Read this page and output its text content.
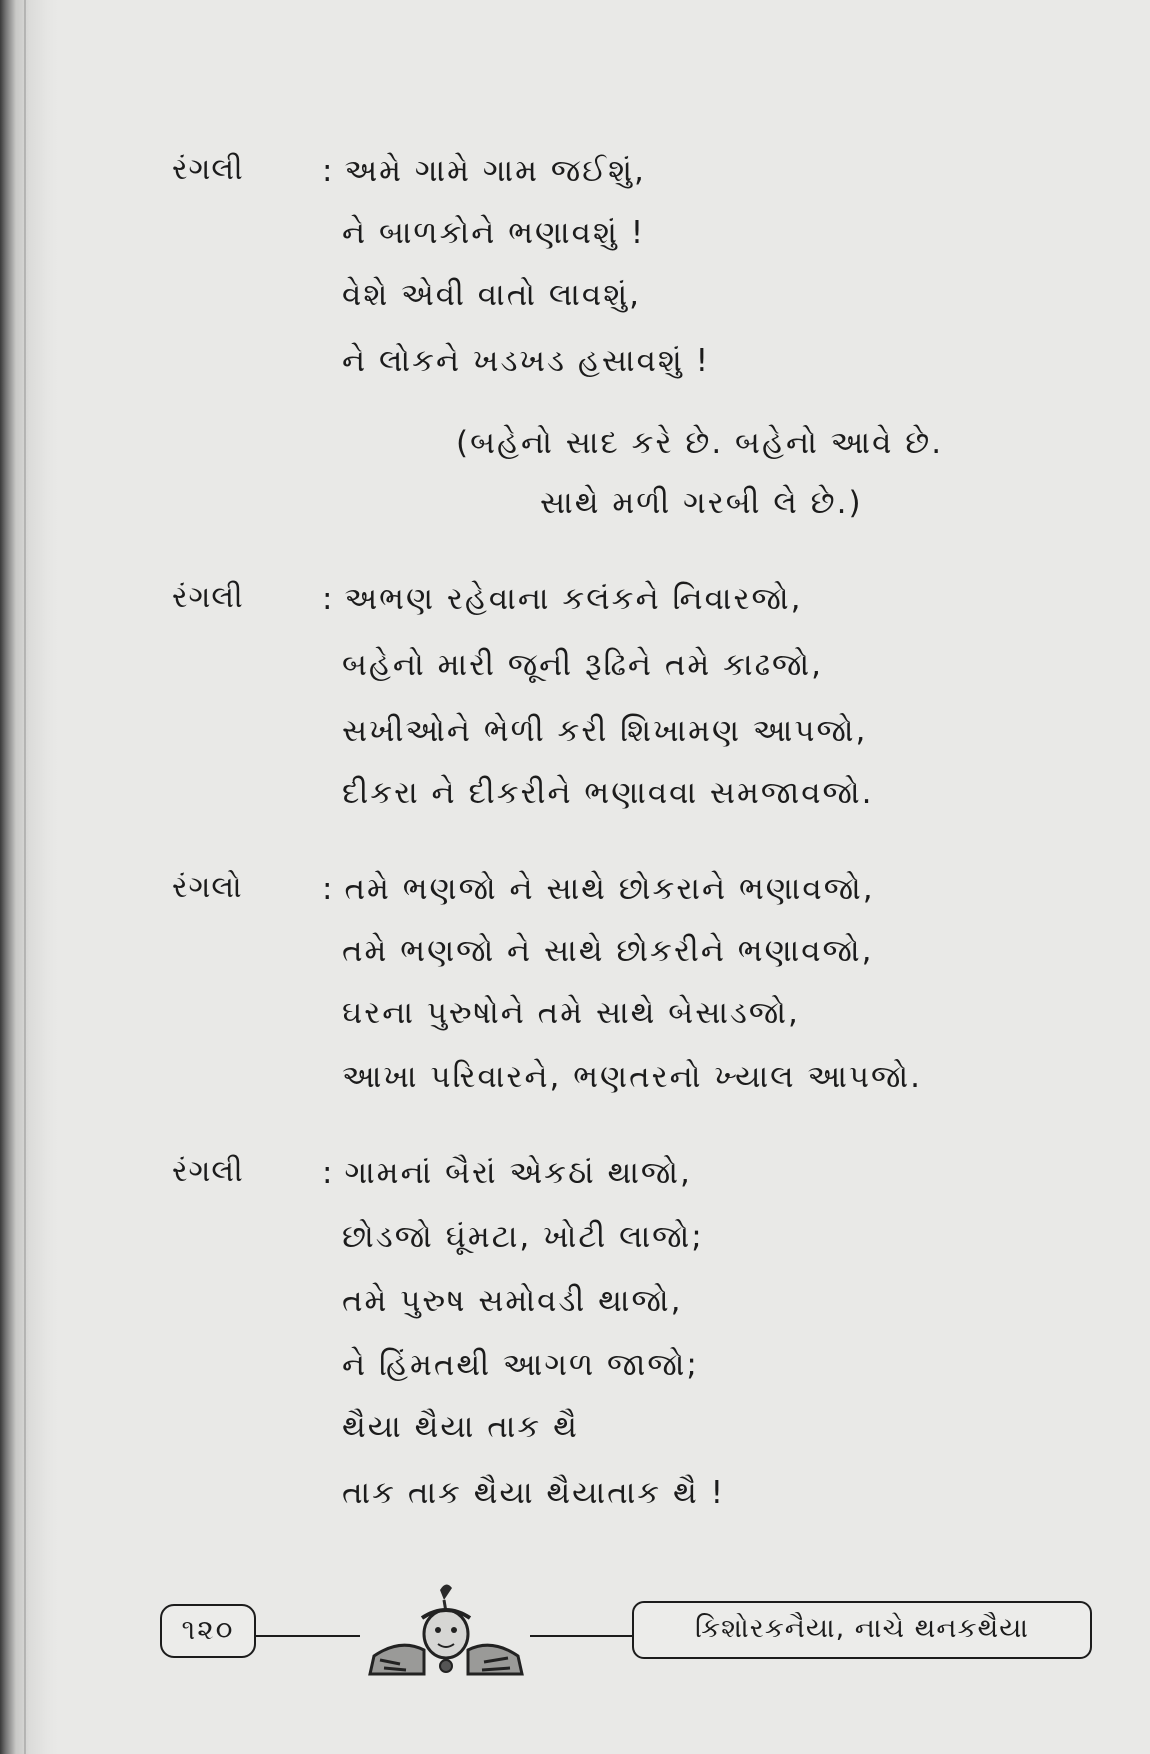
રંગલી	: અમે ગામે ગામ જઈશું,
ને બાળકોને ભણાવશું !
વેશે એવી વાતો લાવશું,
ને લોકને ખડખડ હસાવશું !
(બહેનો સાદ કરે છે. બહેનો આવે છે.
સાથે મળી ગરબી લે છે.)
રંગલી	: અભણ રહેવાના કલંકને નિવારજો,
બહેનો મારી જૂની રૂઢિને તમે કાઢજો,
સખીઓને ભેળી કરી શિખામણ આપજો,
દીકરા ને દીકરીને ભણાવવા સમજાવજો.
રંગલો	: તમે ભણજો ને સાથે છોકરાને ભણાવજો,
તમે ભણજો ને સાથે છોકરીને ભણાવજો,
ઘરના પુરુષોને તમે સાથે બેસાડજો,
આખા પરિવારને, ભણતરનો ખ્યાલ આપજો.
રંગલી	: ગામનાં બૈરાં એકઠાં થાજો,
છોડજો ઘૂંમટા, ખોટી લાજો;
તમે પુરુષ સમોવડી થાજો,
ને હિંમતથી આગળ જાજો;
થૈયા થૈયા તાક થૈ
તાક તાક થૈયા થૈયાતાક થૈ !
૧૨૦	કિશોરકનૈયા, નાચે થનકથૈયા
